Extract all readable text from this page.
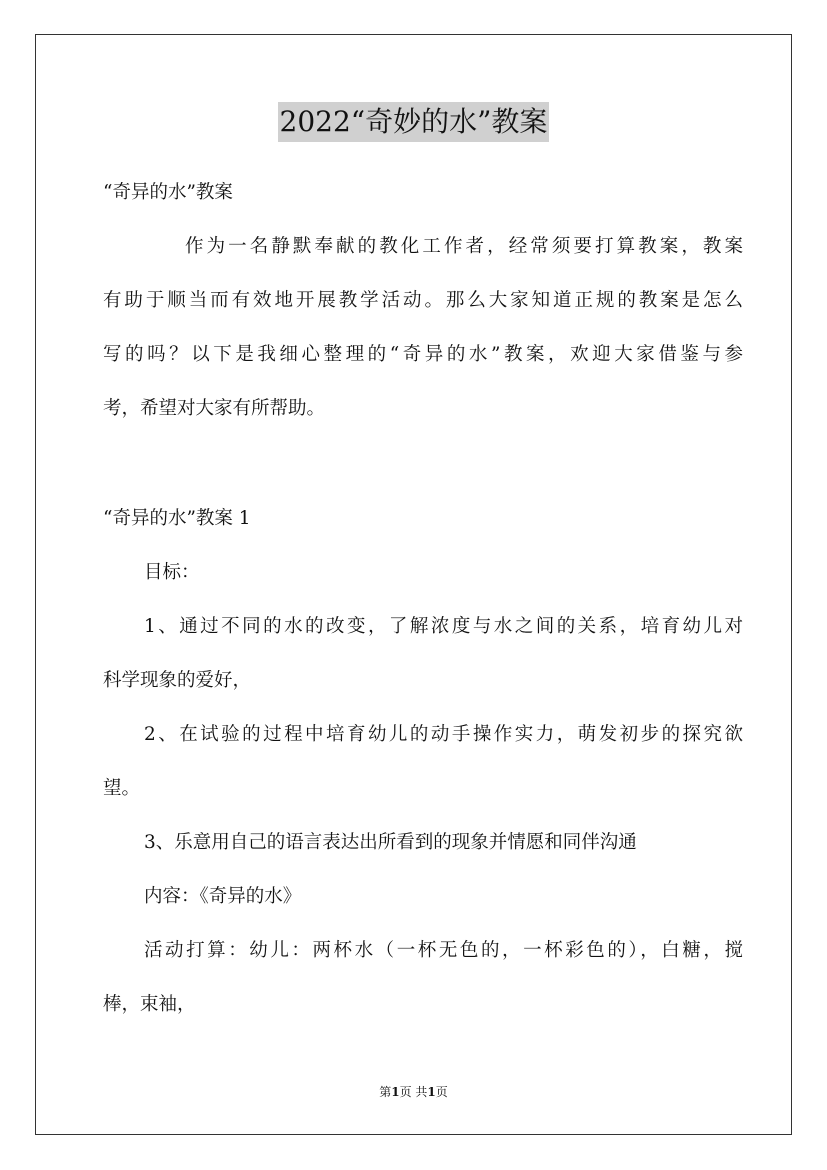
2022“奇妙的水”教案
“奇异的水”教案
作为一名静默奉献的教化工作者，经常须要打算教案，教案
有助于顺当而有效地开展教学活动。那么大家知道正规的教案是怎么
写的吗？以下是我细心整理的“奇异的水”教案，欢迎大家借鉴与参
考，希望对大家有所帮助。
“奇异的水”教案 1
目标：
1、通过不同的水的改变，了解浓度与水之间的关系，培育幼儿对
科学现象的爱好，
2、在试验的过程中培育幼儿的动手操作实力，萌发初步的探究欲
望。
3、乐意用自己的语言表达出所看到的现象并情愿和同伴沟通
内容：《奇异的水》
活动打算：幼儿：两杯水（一杯无色的，一杯彩色的），白糖，搅
棒，束袖，
第1页 共1页
